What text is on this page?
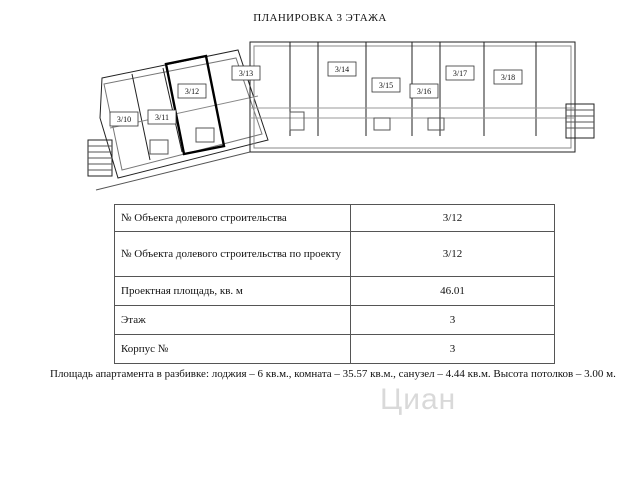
ПЛАНИРОВКА 3 ЭТАЖА
3/10	3/11
3/12
3/13	3/14
3/15
3/16
3/17	3/18
№ Объекта долевого строительства	3/12
№ Объекта долевого строительства по проекту	3/12
Проектная площадь, кв. м	46.01
Этаж	3
Корпус №	3
Площадь апартамента в разбивке: лоджия – 6 кв.м., комната – 35.57 кв.м., санузел – 4.44 кв.м. Высота потолков – 3.00 м.
Циан
